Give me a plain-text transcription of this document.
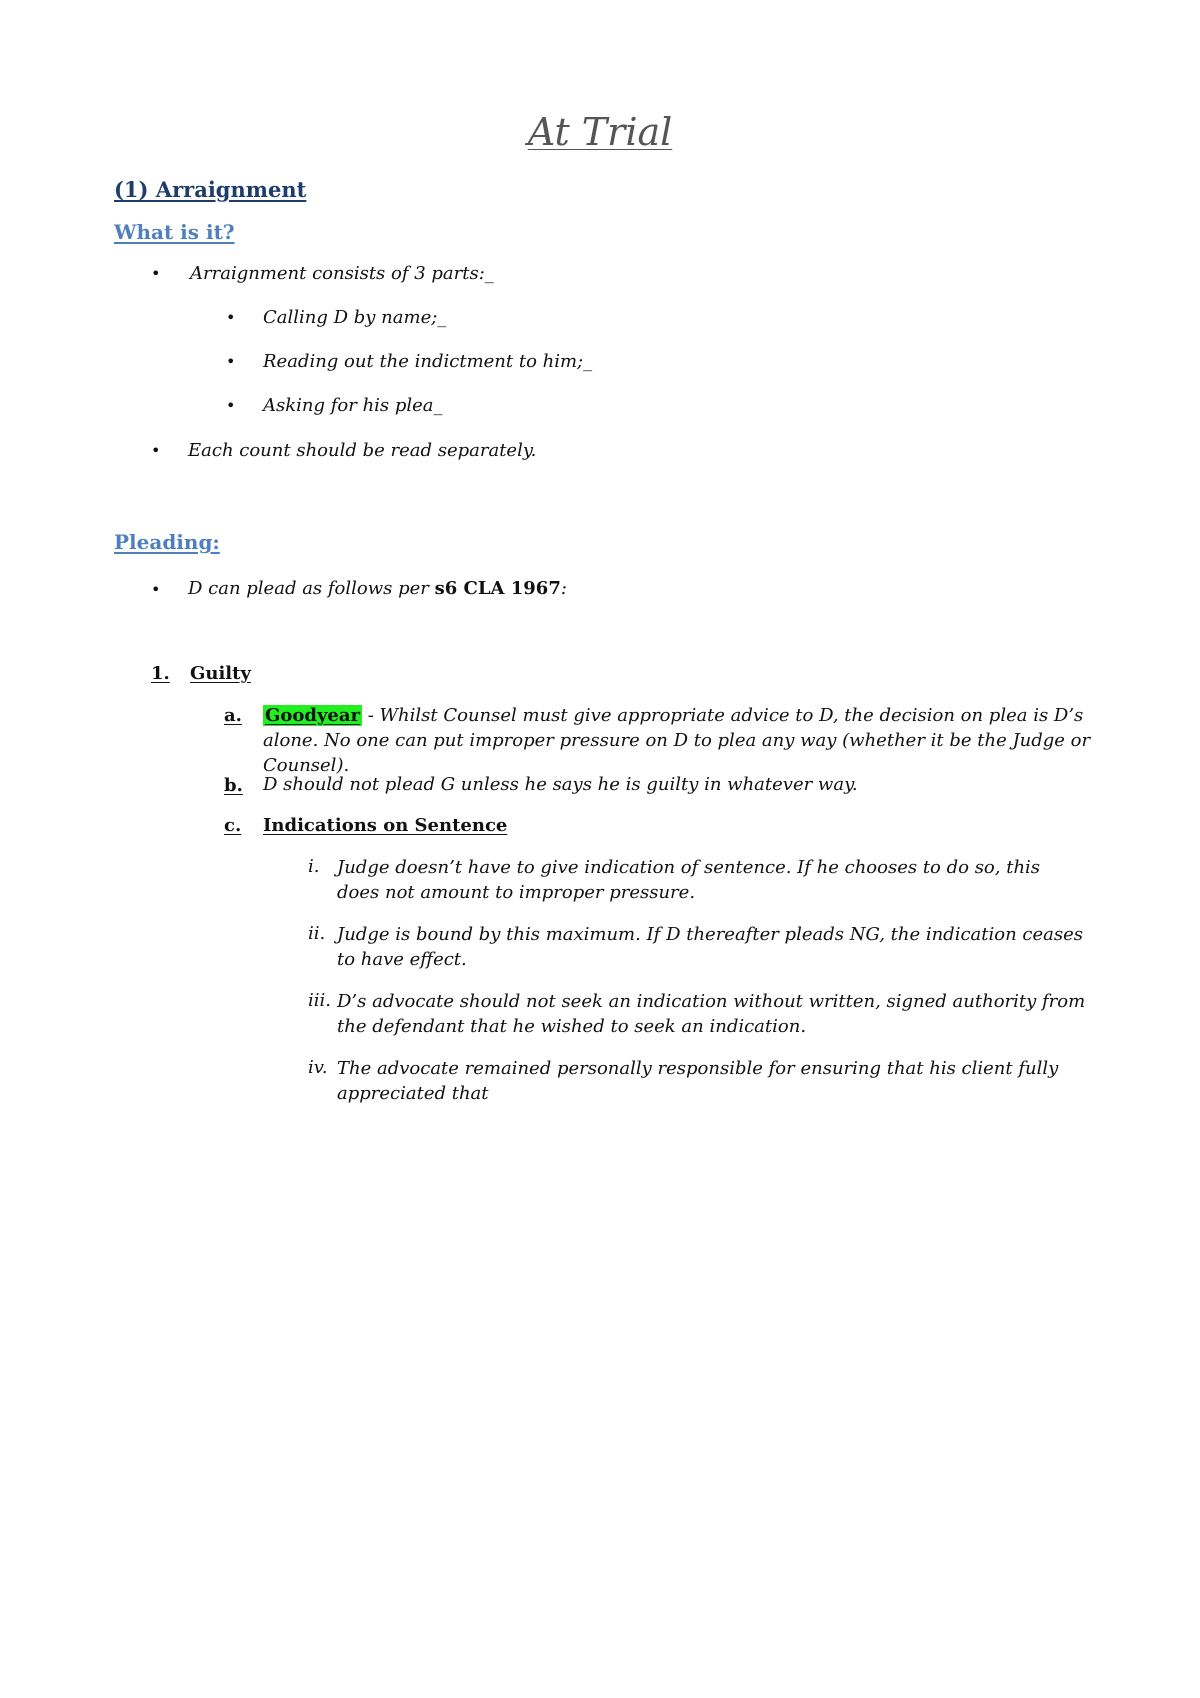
At Trial
(1) Arraignment
What is it?
• Arraignment consists of 3 parts:_
• Calling D by name;_
• Reading out the indictment to him;_
• Asking for his plea_
• Each count should be read separately.
Pleading:
• D can plead as follows per s6 CLA 1967:
1. Guilty
a. Goodyear - Whilst Counsel must give appropriate advice to D, the decision on plea is D’s alone. No one can put improper pressure on D to plea any way (whether it be the Judge or Counsel).
b. D should not plead G unless he says he is guilty in whatever way.
c. Indications on Sentence
i. Judge doesn’t have to give indication of sentence. If he chooses to do so, this does not amount to improper pressure.
ii. Judge is bound by this maximum. If D thereafter pleads NG, the indication ceases to have effect.
iii. D’s advocate should not seek an indication without written, signed authority from the defendant that he wished to seek an indication.
iv. The advocate remained personally responsible for ensuring that his client fully appreciated that
